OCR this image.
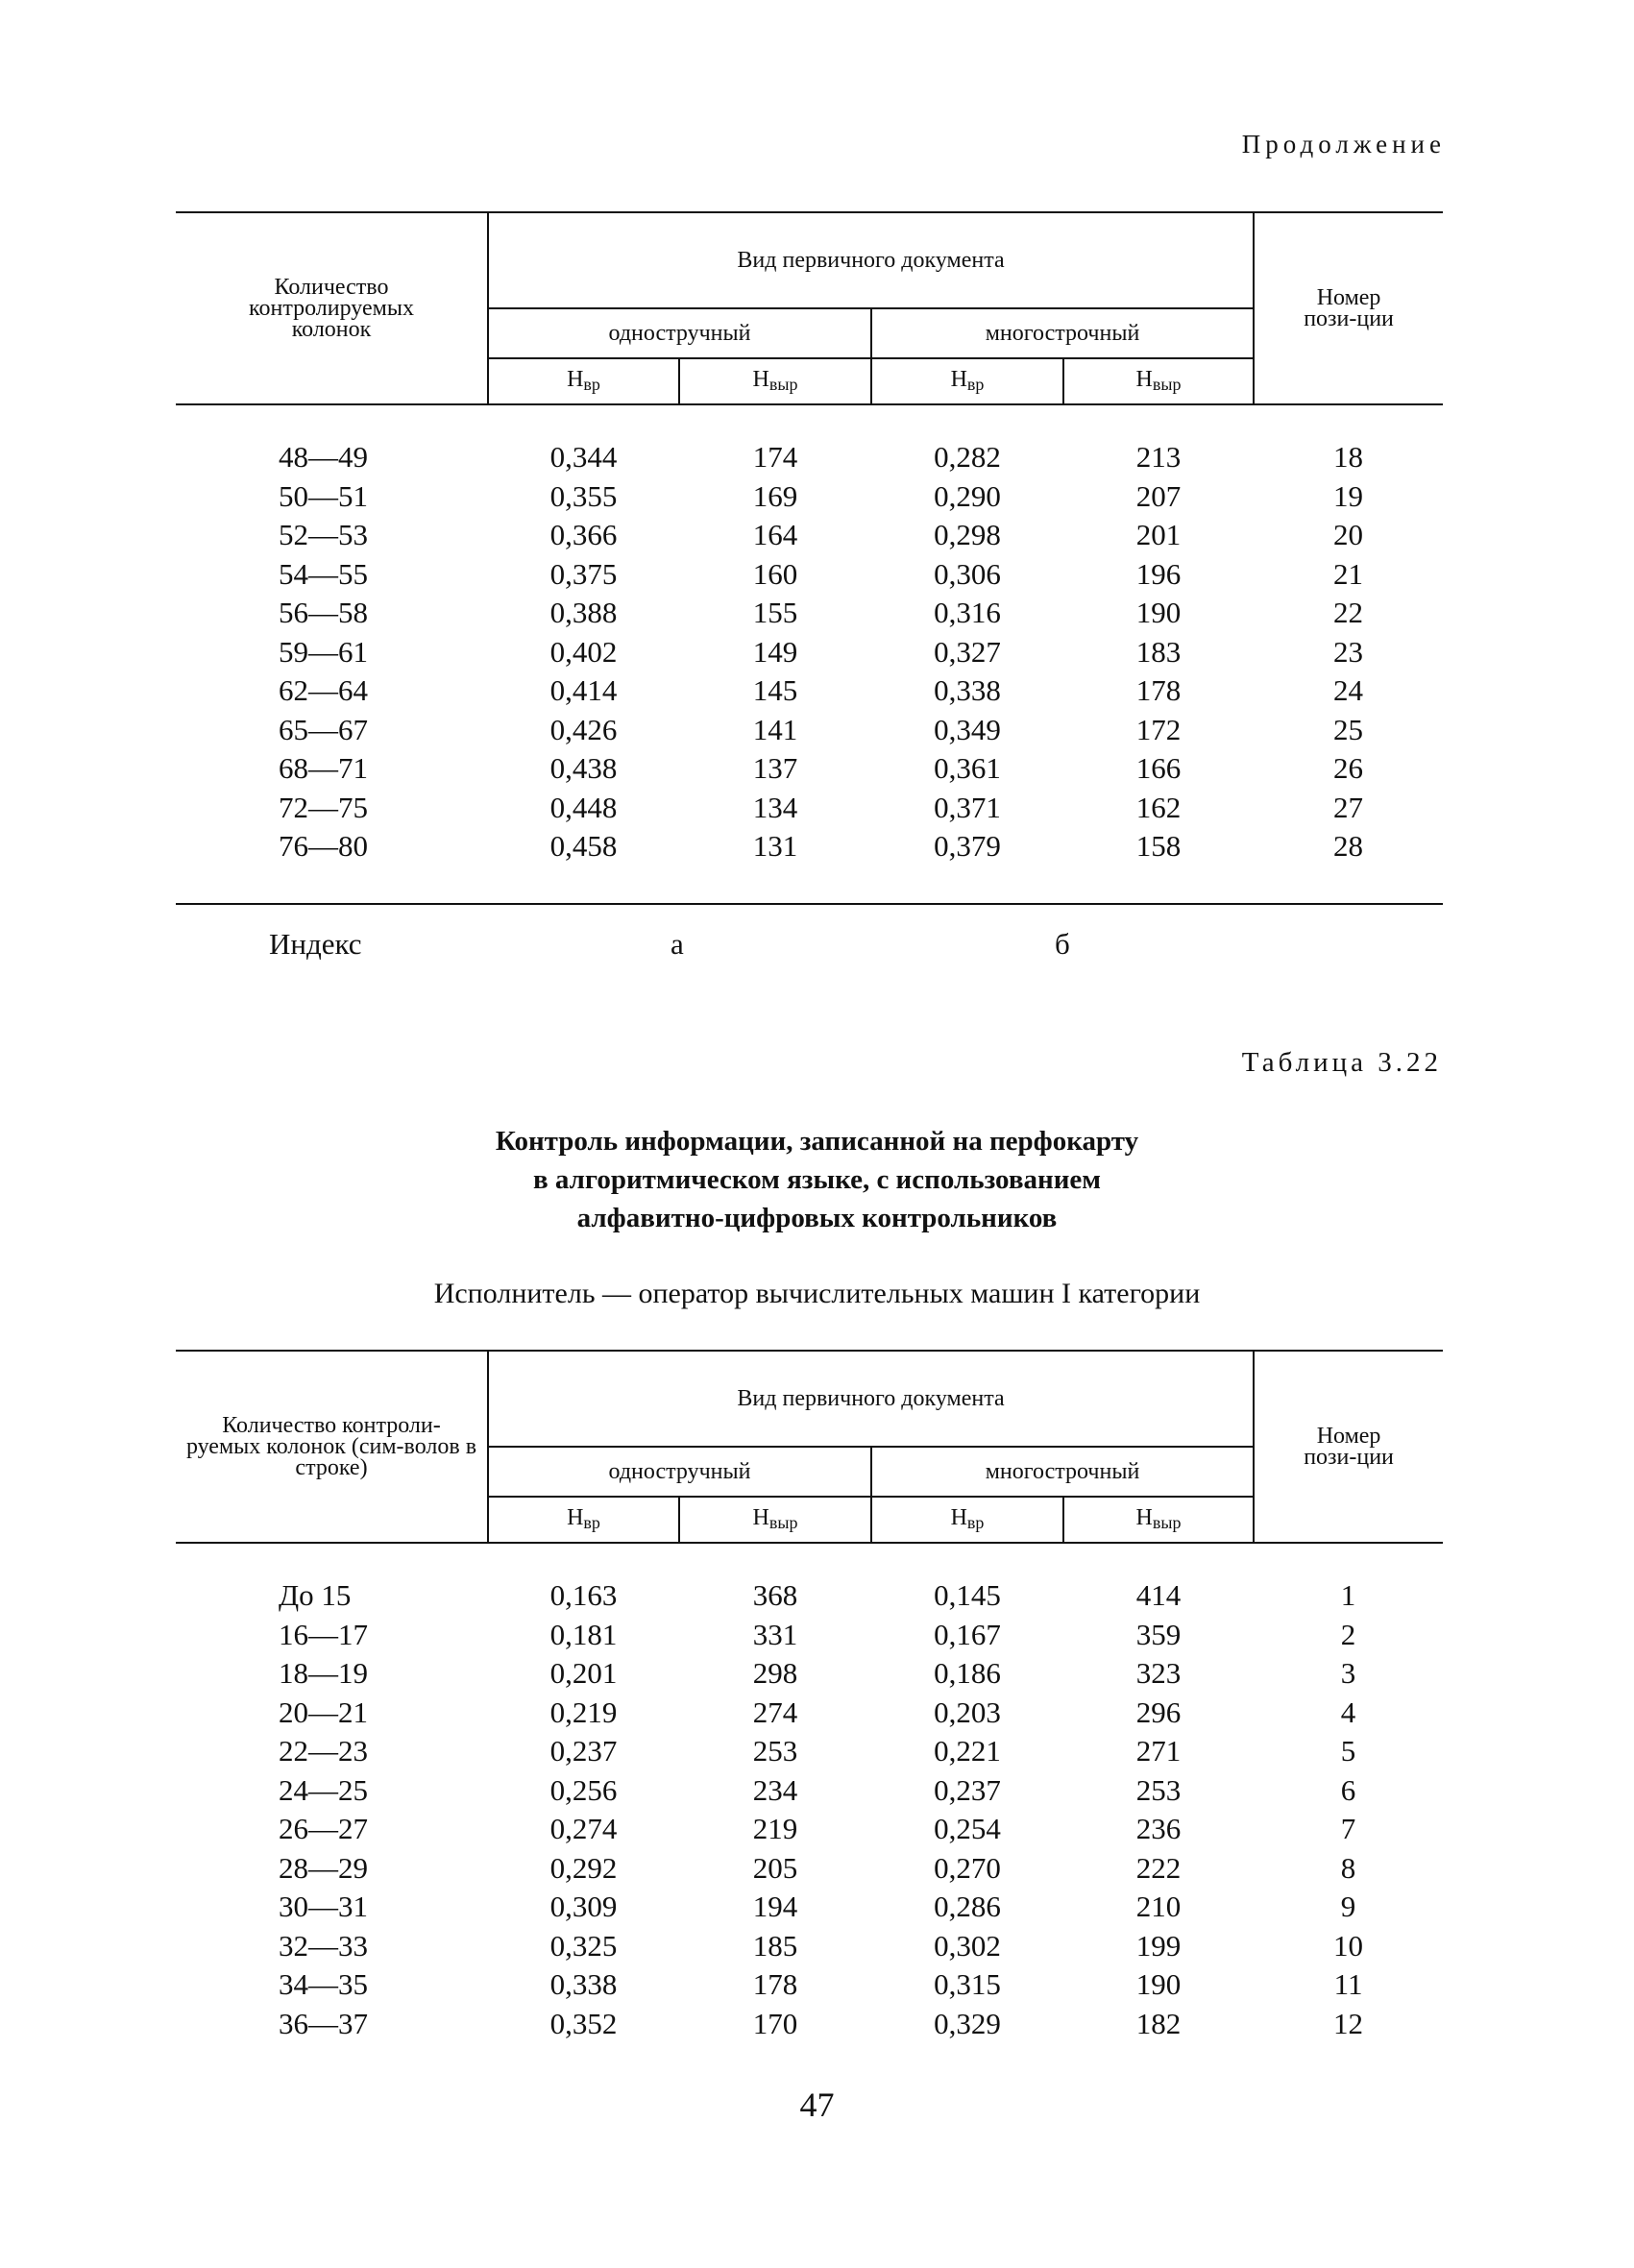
Продолжение
Количество контролируемых колонок	Вид первичного документа				Номер пози-ции
	одностручный		многострочный		
	$Н_{вр}$	$Н_{выр}$	$Н_{вр}$	$Н_{выр}$

48—49	0,344	174	0,282	213	18
50—51	0,355	169	0,290	207	19
52—53	0,366	164	0,298	201	20
54—55	0,375	160	0,306	196	21
56—58	0,388	155	0,316	190	22
59—61	0,402	149	0,327	183	23
62—64	0,414	145	0,338	178	24
65—67	0,426	141	0,349	172	25
68—71	0,438	137	0,361	166	26
72—75	0,448	134	0,371	162	27
76—80	0,458	131	0,379	158	28
Индекс	а	б
Таблица 3.22
Контроль информации, записанной на перфокарту
в алгоритмическом языке, с использованием
алфавитно-цифровых контрольников
Исполнитель — оператор вычислительных машин I категории
Количество контроли-руемых колонок (сим-волов в строке)	Вид первичного документа				Номер пози-ции
	одностручный		многострочный		
	$Н_{вр}$	$Н_{выр}$	$Н_{вр}$	$Н_{выр}$

До 15	0,163	368	0,145	414	1
16—17	0,181	331	0,167	359	2
18—19	0,201	298	0,186	323	3
20—21	0,219	274	0,203	296	4
22—23	0,237	253	0,221	271	5
24—25	0,256	234	0,237	253	6
26—27	0,274	219	0,254	236	7
28—29	0,292	205	0,270	222	8
30—31	0,309	194	0,286	210	9
32—33	0,325	185	0,302	199	10
34—35	0,338	178	0,315	190	11
36—37	0,352	170	0,329	182	12
47
